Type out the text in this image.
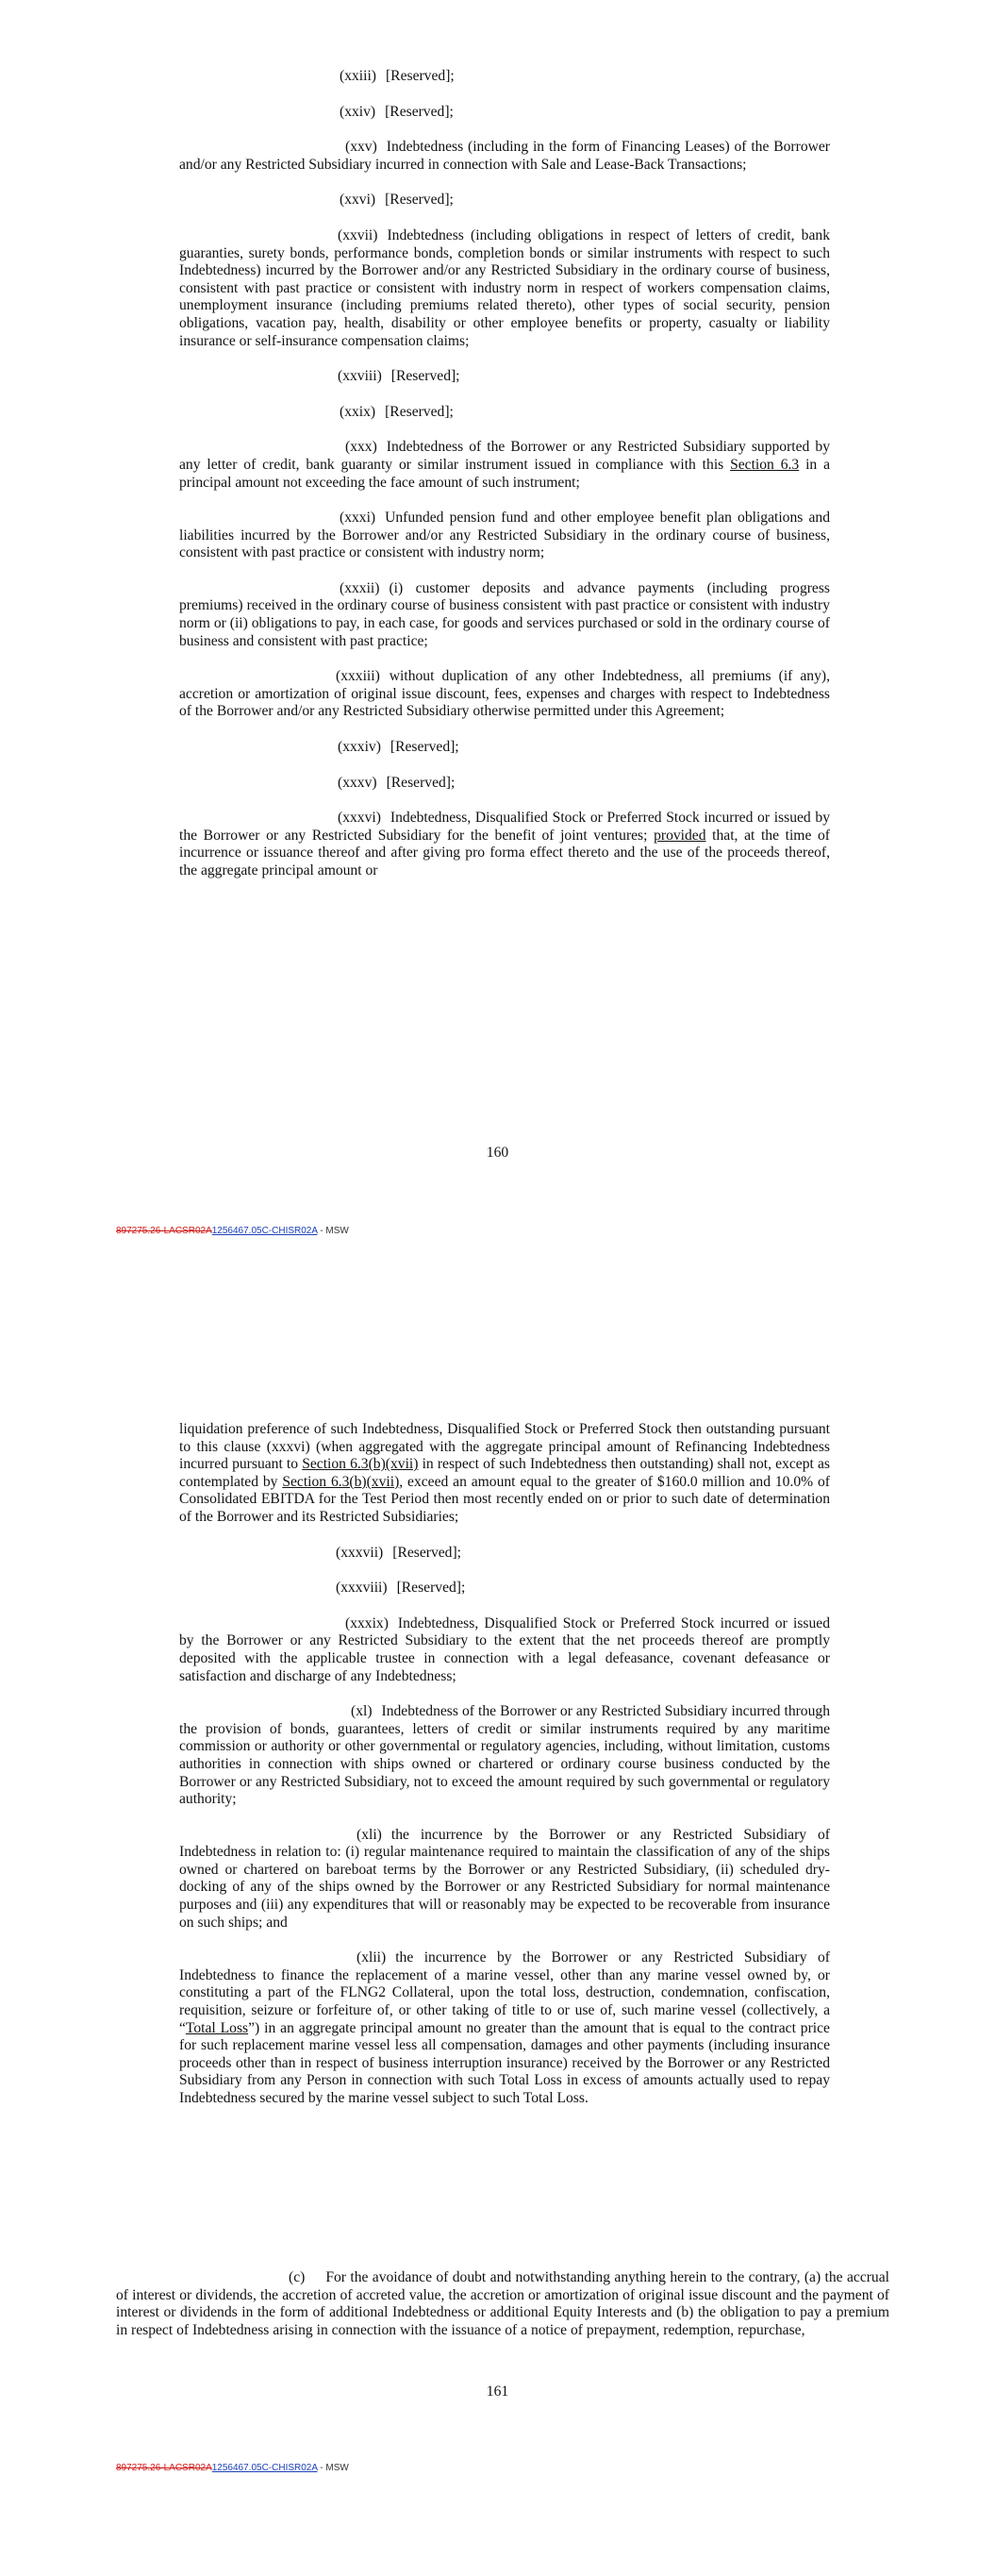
(xxiii) [Reserved];

(xxiv) [Reserved];

(xxv) Indebtedness (including in the form of Financing Leases) of the Borrower and/or any Restricted Subsidiary incurred in connection with Sale and Lease-Back Transactions;

(xxvi) [Reserved];

(xxvii) Indebtedness (including obligations in respect of letters of credit, bank guaranties, surety bonds, performance bonds, completion bonds or similar instruments with respect to such Indebtedness) incurred by the Borrower and/or any Restricted Subsidiary in the ordinary course of business, consistent with past practice or consistent with industry norm in respect of workers compensation claims, unemployment insurance (including premiums related thereto), other types of social security, pension obligations, vacation pay, health, disability or other employee benefits or property, casualty or liability insurance or self-insurance compensation claims;

(xxviii) [Reserved];

(xxix) [Reserved];

(xxx) Indebtedness of the Borrower or any Restricted Subsidiary supported by any letter of credit, bank guaranty or similar instrument issued in compliance with this Section 6.3 in a principal amount not exceeding the face amount of such instrument;

(xxxi) Unfunded pension fund and other employee benefit plan obligations and liabilities incurred by the Borrower and/or any Restricted Subsidiary in the ordinary course of business, consistent with past practice or consistent with industry norm;

(xxxii) (i) customer deposits and advance payments (including progress premiums) received in the ordinary course of business consistent with past practice or consistent with industry norm or (ii) obligations to pay, in each case, for goods and services purchased or sold in the ordinary course of business and consistent with past practice;

(xxxiii) without duplication of any other Indebtedness, all premiums (if any), accretion or amortization of original issue discount, fees, expenses and charges with respect to Indebtedness of the Borrower and/or any Restricted Subsidiary otherwise permitted under this Agreement;

(xxxiv) [Reserved];

(xxxv) [Reserved];

(xxxvi) Indebtedness, Disqualified Stock or Preferred Stock incurred or issued by the Borrower or any Restricted Subsidiary for the benefit of joint ventures; provided that, at the time of incurrence or issuance thereof and after giving pro forma effect thereto and the use of the proceeds thereof, the aggregate principal amount or

160
897275.26-LACSR02A1256467.05C-CHISR02A - MSW

liquidation preference of such Indebtedness, Disqualified Stock or Preferred Stock then outstanding pursuant to this clause (xxxvi) (when aggregated with the aggregate principal amount of Refinancing Indebtedness incurred pursuant to Section 6.3(b)(xvii) in respect of such Indebtedness then outstanding) shall not, except as contemplated by Section 6.3(b)(xvii), exceed an amount equal to the greater of $160.0 million and 10.0% of Consolidated EBITDA for the Test Period then most recently ended on or prior to such date of determination of the Borrower and its Restricted Subsidiaries;

(xxxvii) [Reserved];

(xxxviii) [Reserved];

(xxxix) Indebtedness, Disqualified Stock or Preferred Stock incurred or issued by the Borrower or any Restricted Subsidiary to the extent that the net proceeds thereof are promptly deposited with the applicable trustee in connection with a legal defeasance, covenant defeasance or satisfaction and discharge of any Indebtedness;

(xl) Indebtedness of the Borrower or any Restricted Subsidiary incurred through the provision of bonds, guarantees, letters of credit or similar instruments required by any maritime commission or authority or other governmental or regulatory agencies, including, without limitation, customs authorities in connection with ships owned or chartered or ordinary course business conducted by the Borrower or any Restricted Subsidiary, not to exceed the amount required by such governmental or regulatory authority;

(xli) the incurrence by the Borrower or any Restricted Subsidiary of Indebtedness in relation to: (i) regular maintenance required to maintain the classification of any of the ships owned or chartered on bareboat terms by the Borrower or any Restricted Subsidiary, (ii) scheduled dry-docking of any of the ships owned by the Borrower or any Restricted Subsidiary for normal maintenance purposes and (iii) any expenditures that will or reasonably may be expected to be recoverable from insurance on such ships; and

(xlii) the incurrence by the Borrower or any Restricted Subsidiary of Indebtedness to finance the replacement of a marine vessel, other than any marine vessel owned by, or constituting a part of the FLNG2 Collateral, upon the total loss, destruction, condemnation, confiscation, requisition, seizure or forfeiture of, or other taking of title to or use of, such marine vessel (collectively, a “Total Loss”) in an aggregate principal amount no greater than the amount that is equal to the contract price for such replacement marine vessel less all compensation, damages and other payments (including insurance proceeds other than in respect of business interruption insurance) received by the Borrower or any Restricted Subsidiary from any Person in connection with such Total Loss in excess of amounts actually used to repay Indebtedness secured by the marine vessel subject to such Total Loss.

(c) For the avoidance of doubt and notwithstanding anything herein to the contrary, (a) the accrual of interest or dividends, the accretion of accreted value, the accretion or amortization of original issue discount and the payment of interest or dividends in the form of additional Indebtedness or additional Equity Interests and (b) the obligation to pay a premium in respect of Indebtedness arising in connection with the issuance of a notice of prepayment, redemption, repurchase,

161
897275.26-LACSR02A1256467.05C-CHISR02A - MSW
